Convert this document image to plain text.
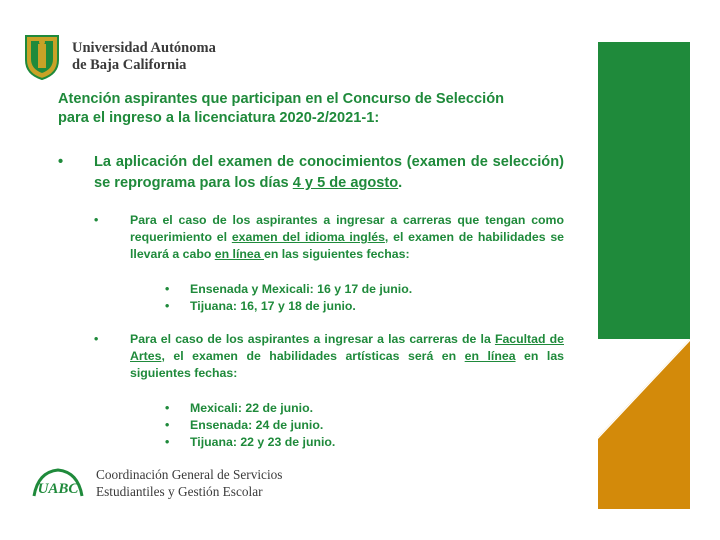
Universidad Autónoma
de Baja California
Atención aspirantes que participan en el Concurso de Selección
para el ingreso a la licenciatura 2020-2/2021-1:
• La aplicación del examen de conocimientos (examen de selección) se reprograma para los días 4 y 5 de agosto.
•	Para el caso de los aspirantes a ingresar a carreras que tengan como requerimiento el examen del idioma inglés, el examen de habilidades se llevará a cabo en línea en las siguientes fechas:
• Ensenada y Mexicali: 16 y 17 de junio.
• Tijuana: 16, 17 y 18 de junio.
•	Para el caso de los aspirantes a ingresar a las carreras de la Facultad de Artes, el examen de habilidades artísticas será en en línea en las siguientes fechas:
• Mexicali: 22 de junio.
• Ensenada: 24 de junio.
• Tijuana: 22 y 23 de junio.
UABC
Coordinación General de Servicios
Estudiantiles y Gestión Escolar
